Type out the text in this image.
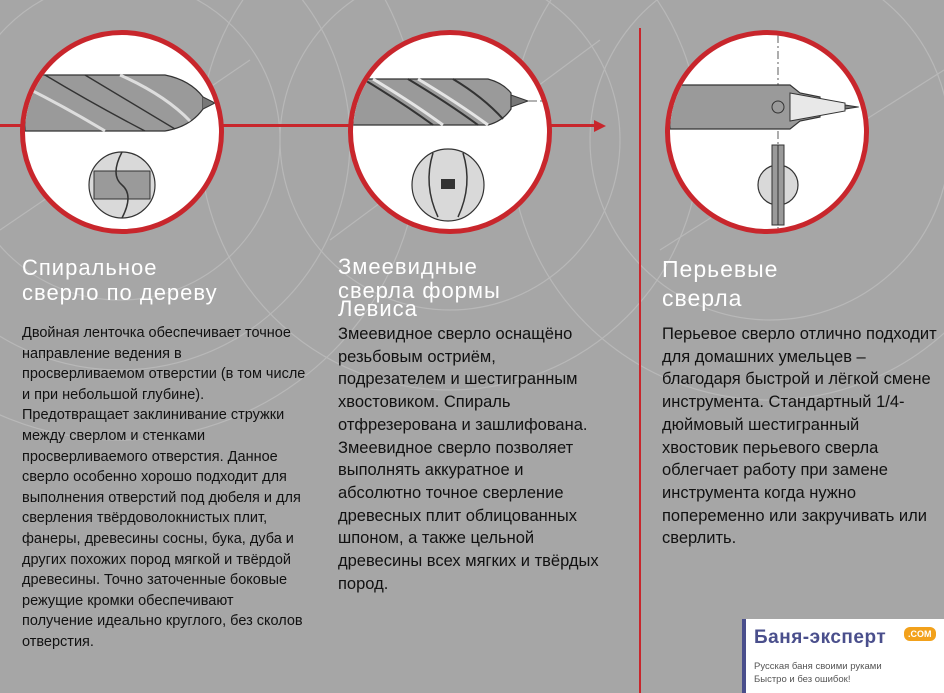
Спиральное
сверло по дереву
Змеевидные
сверла формы
Левиса
Перьевые
сверла

Двойная ленточка обеспечивает точное направление ведения в просверливаемом отверстии (в том числе и при небольшой глубине). Предотвращает заклинивание стружки между сверлом и стенками просверливаемого отверстия. Данное сверло особенно хорошо подходит для выполнения отверстий под дюбеля и для сверления твёрдоволокнистых плит, фанеры, древесины сосны, бука, дуба и других похожих пород мягкой и твёрдой древесины. Точно заточенные боковые режущие кромки обеспечивают получение идеально круглого, без сколов отверстия.

Змеевидное сверло оснащёно резьбовым остриём, подрезателем и шестигранным хвостовиком. Спираль отфрезерована и зашлифована. Змеевидное сверло позволяет выполнять аккуратное и абсолютно точное сверление древесных плит облицованных шпоном, а также цельной древесины всех мягких и твёрдых пород.

Перьевое сверло отлично подходит для домашних умельцев – благодаря быстрой и лёгкой смене инструмента. Стандартный 1/4-дюймовый шестигранный хвостовик перьевого сверла облегчает работу при замене инструмента когда нужно попеременно или закручивать или сверлить.

Баня-эксперт	.COM
Русская баня своими руками
Быстро и без ошибок!
